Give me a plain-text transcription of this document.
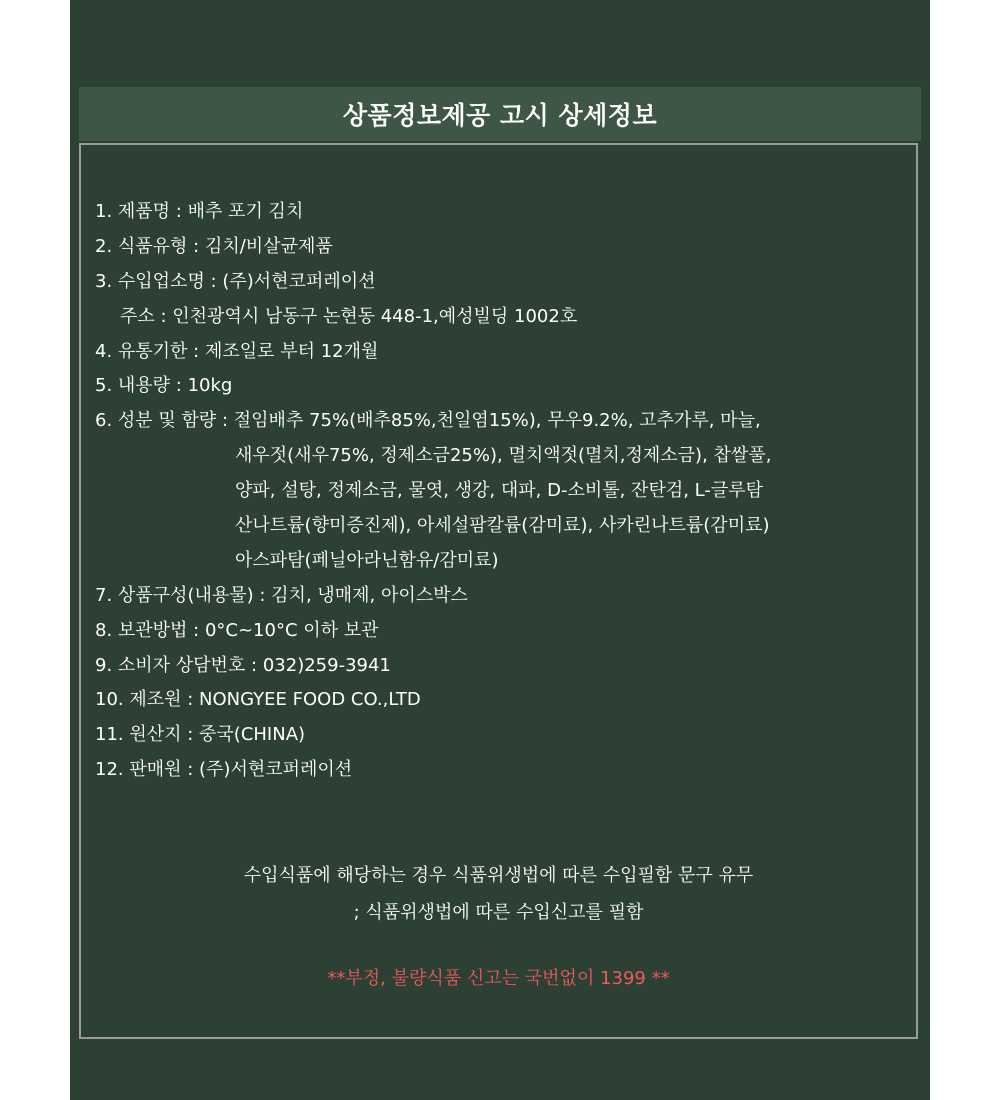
상품정보제공 고시 상세정보
1. 제품명 : 배추 포기 김치
2. 식품유형 : 김치/비살균제품
3. 수입업소명 : (주)서현코퍼레이션
주소 : 인천광역시 남동구 논현동 448-1,예성빌딩 1002호
4. 유통기한 : 제조일로 부터 12개월
5. 내용량 : 10kg
6. 성분 및 함량 : 절임배추 75%(배추85%,천일염15%), 무우9.2%, 고추가루, 마늘,
새우젓(새우75%, 정제소금25%), 멸치액젓(멸치,정제소금), 찹쌀풀,
양파, 설탕, 정제소금, 물엿, 생강, 대파, D-소비톨, 잔탄검, L-글루탐
산나트륨(향미증진제), 아세설팜칼륨(감미료), 사카린나트륨(감미료)
아스파탐(페닐아라닌함유/감미료)
7. 상품구성(내용물) : 김치, 냉매제, 아이스박스
8. 보관방법 : 0°C~10°C 이하 보관
9. 소비자 상담번호 : 032)259-3941
10. 제조원 : NONGYEE FOOD CO.,LTD
11. 원산지 : 중국(CHINA)
12. 판매원 : (주)서현코퍼레이션
수입식품에 해당하는 경우 식품위생법에 따른 수입필함 문구 유무
; 식품위생법에 따른 수입신고를 필함
**부정, 불량식품 신고는 국번없이 1399 **
